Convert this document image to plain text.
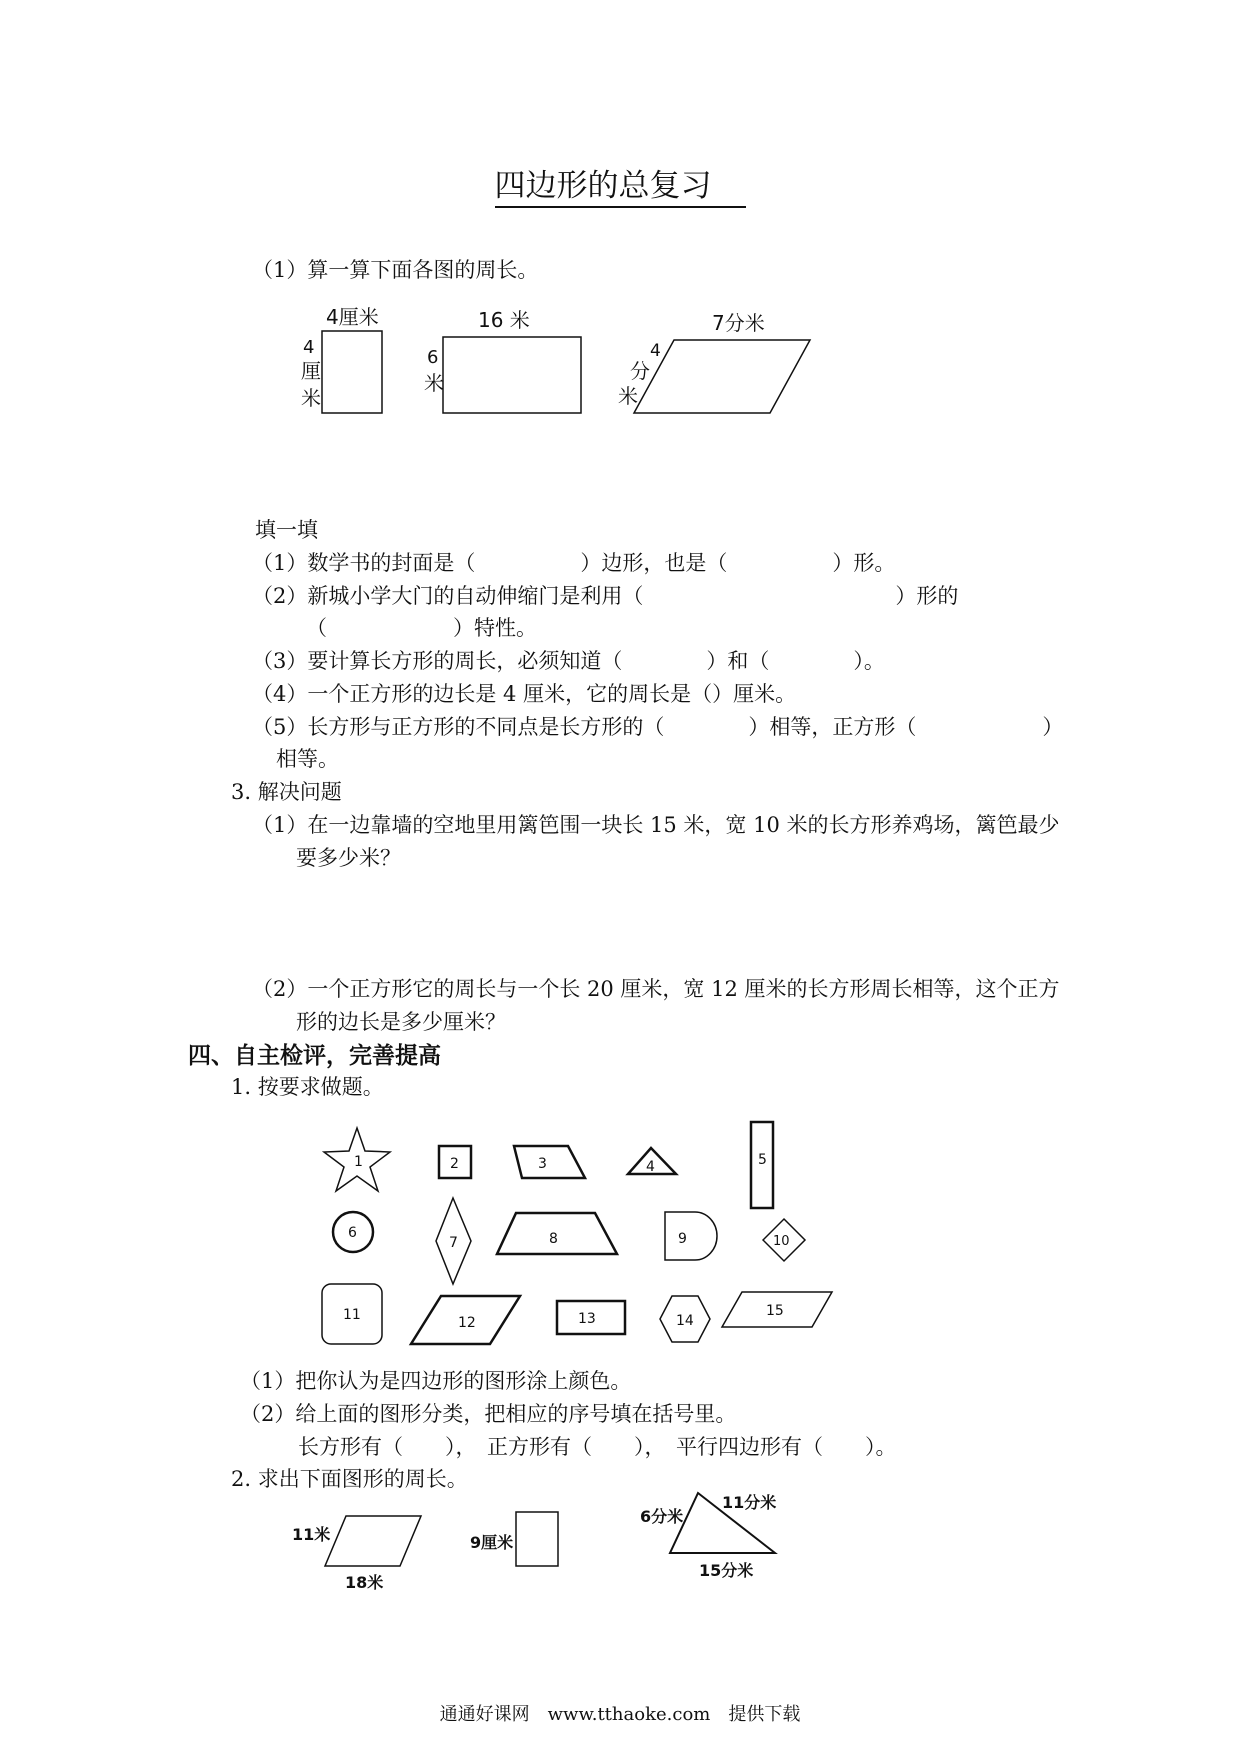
四边形的总复习
（1）算一算下面各图的周长。
4厘米
4
厘
米
16 米
6
米
7分米
4
分
米
1	2	3	4	5
6
7	8	9	10
11	12	13	14
15
11米
18米
9厘米
6分米
11分米
15分米
填一填
（1）数学书的封面是（　　　　　）边形，也是（　　　　　）形。
（2）新城小学大门的自动伸缩门是利用（　　　　　　　　　　　　）形的
（　　　　　　）特性。
（3）要计算长方形的周长，必须知道（　　　　）和（　　　　）。
（4）一个正方形的边长是 4 厘米，它的周长是（）厘米。
（5）长方形与正方形的不同点是长方形的（　　　　）相等，正方形（　　　　　　）
相等。
3. 解决问题
（1）在一边靠墙的空地里用篱笆围一块长 15 米，宽 10 米的长方形养鸡场，篱笆最少
要多少米？
（2）一个正方形它的周长与一个长 20 厘米，宽 12 厘米的长方形周长相等，这个正方
形的边长是多少厘米？
四、自主检评，完善提高
1. 按要求做题。
（1）把你认为是四边形的图形涂上颜色。
（2）给上面的图形分类，把相应的序号填在括号里。
长方形有（　　），　正方形有（　　），　平行四边形有（　　）。
2. 求出下面图形的周长。
通通好课网　www.tthaoke.com　提供下载
